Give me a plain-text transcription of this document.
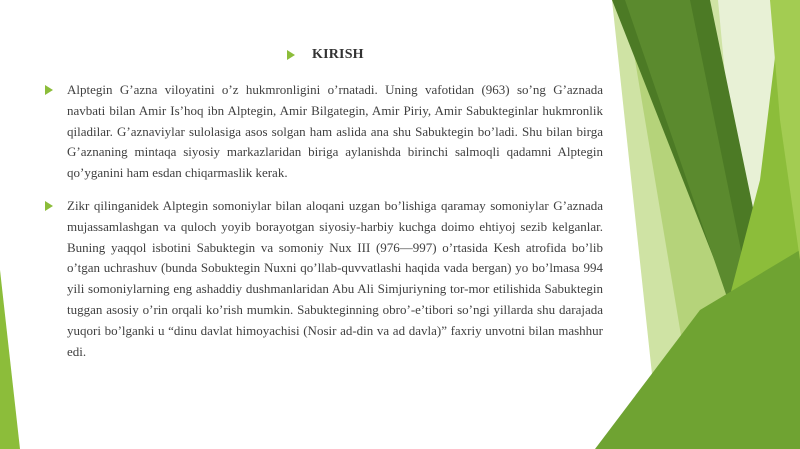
KIRISH
Alptegin G’azna viloyatini o’z hukmronligini o’rnatadi. Uning vafotidan (963) so’ng G’aznada navbati bilan Amir Is’hoq ibn Alptegin, Amir Bilgategin, Amir Piriy, Amir Sabukteginlar hukmronlik qiladilar. G’aznaviylar sulolasiga asos solgan ham aslida ana shu Sabuktegin bo’ladi. Shu bilan birga G’aznaning mintaqa siyosiy markazlaridan biriga aylanishda birinchi salmoqli qadamni Alptegin qo’yganini ham esdan chiqarmaslik kerak.
Zikr qilinganidek Alptegin somoniylar bilan aloqani uzgan bo’lishiga qaramay somoniylar G’aznada mujassamlashgan va quloch yoyib borayotgan siyosiy-harbiy kuchga doimo ehtiyoj sezib kelganlar. Buning yaqqol isbotini Sabuktegin va somoniy Nux III (976—997) o’rtasida Kesh atrofida bo’lib o’tgan uchrashuv (bunda Sobuktegin Nuxni qo’llab-quvvatlashi haqida vada bergan) yo bo’lmasa 994 yili somoniylarning eng ashaddiy dushmanlaridan Abu Ali Simjuriyning tor-mor etilishida Sabuktegin tuggan asosiy o’rin orqali ko’rish mumkin. Sabukteginning obro’-e’tibori so’ngi yillarda shu darajada yuqori bo’lganki u “dinu davlat himoyachisi (Nosir ad-din va ad davla)” faxriy unvotni bilan mashhur edi.
